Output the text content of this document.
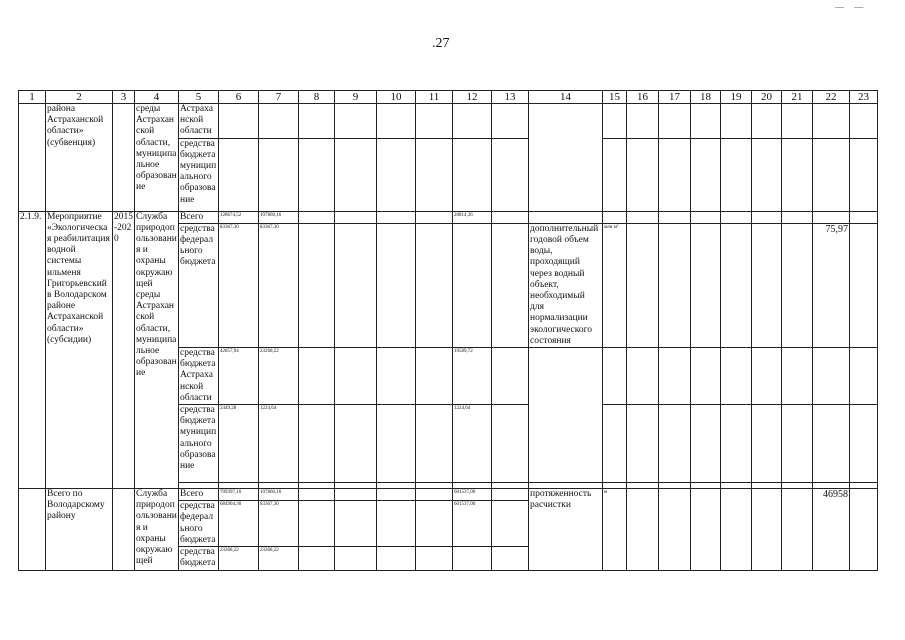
.27
1	2	3	4	5	6	7	8	9	10	11	12	13	14	15	16	17	18	19	20	21	22	23
	района Астраханской области» (субвенция)		среды Астраханской области, муниципальное образование	Астраханской области																		
				средства бюджета муниципального образование																		
2.1.9.	Мероприятие «Экологическая реабилитация водной системы ильменя Григорьевский в Володарском районе Астраханской области» (субсидии)	2015-2020	Служба природопользования и охраны окружающей среды Астраханской области, муниципальное образование	Всего	128674,52	107860,16					20814,36											
				средства федерального бюджета	83367,30	83367,30							дополнительный годовой объем воды, проходящий через водный объект, необходимый для нормализации экологического состояния	млн м³							75,97	
				средства бюджета Астраханской области	42857,94	23268,22					19589,72											
				средства бюджета муниципального образование	2449,28	1224,64					1224,64											

	Всего по Володарскому району		Служба природопользования и охраны окружающей	Всего	709397,16	107860,16					601537,00		протяженность расчистки	м							46958	
				средства федерального бюджета	684904,30	83367,30					601537,00											
				средства бюджета	23268,22	23268,22																
— —
